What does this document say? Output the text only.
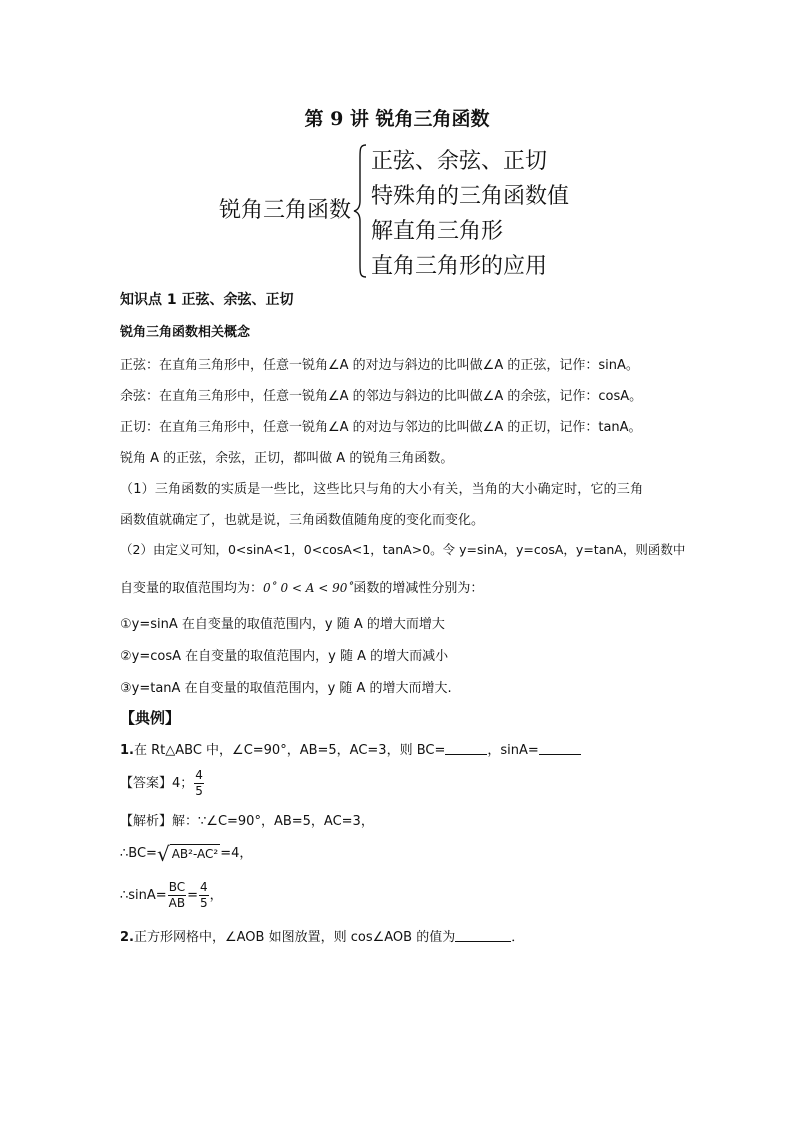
第 9 讲 锐角三角函数
锐角三角函数
正弦、余弦、正切
特殊角的三角函数值
解直角三角形
直角三角形的应用
知识点 1 正弦、余弦、正切
锐角三角函数相关概念
正弦：在直角三角形中，任意一锐角∠A 的对边与斜边的比叫做∠A 的正弦，记作：sinA。
余弦：在直角三角形中，任意一锐角∠A 的邻边与斜边的比叫做∠A 的余弦，记作：cosA。
正切：在直角三角形中，任意一锐角∠A 的对边与邻边的比叫做∠A 的正切，记作：tanA。
锐角 A 的正弦，余弦，正切，都叫做 A 的锐角三角函数。
（1）三角函数的实质是一些比，这些比只与角的大小有关，当角的大小确定时，它的三角
函数值就确定了，也就是说，三角函数值随角度的变化而变化。
（2）由定义可知，0<sinA<1，0<cosA<1，tanA>0。令 y=sinA，y=cosA，y=tanA，则函数中
自变量的取值范围均为：0˚ 0 < A < 90˚函数的增减性分别为：
①y=sinA 在自变量的取值范围内，y 随 A 的增大而增大
②y=cosA 在自变量的取值范围内，y 随 A 的增大而减小
③y=tanA 在自变量的取值范围内，y 随 A 的增大而增大.
【典例】
1.在 Rt△ABC 中，∠C=90°，AB=5，AC=3，则 BC=	，sinA=
【答案】4； $\frac{4}{5}$
【解析】解：∵∠C=90°，AB=5，AC=3，
∴BC= √ AB²-AC² =4，
∴sinA= $\frac{BC}{AB} = \frac{4}{5}$ ，
2.正方形网格中，∠AOB 如图放置，则 cos∠AOB 的值为	．
